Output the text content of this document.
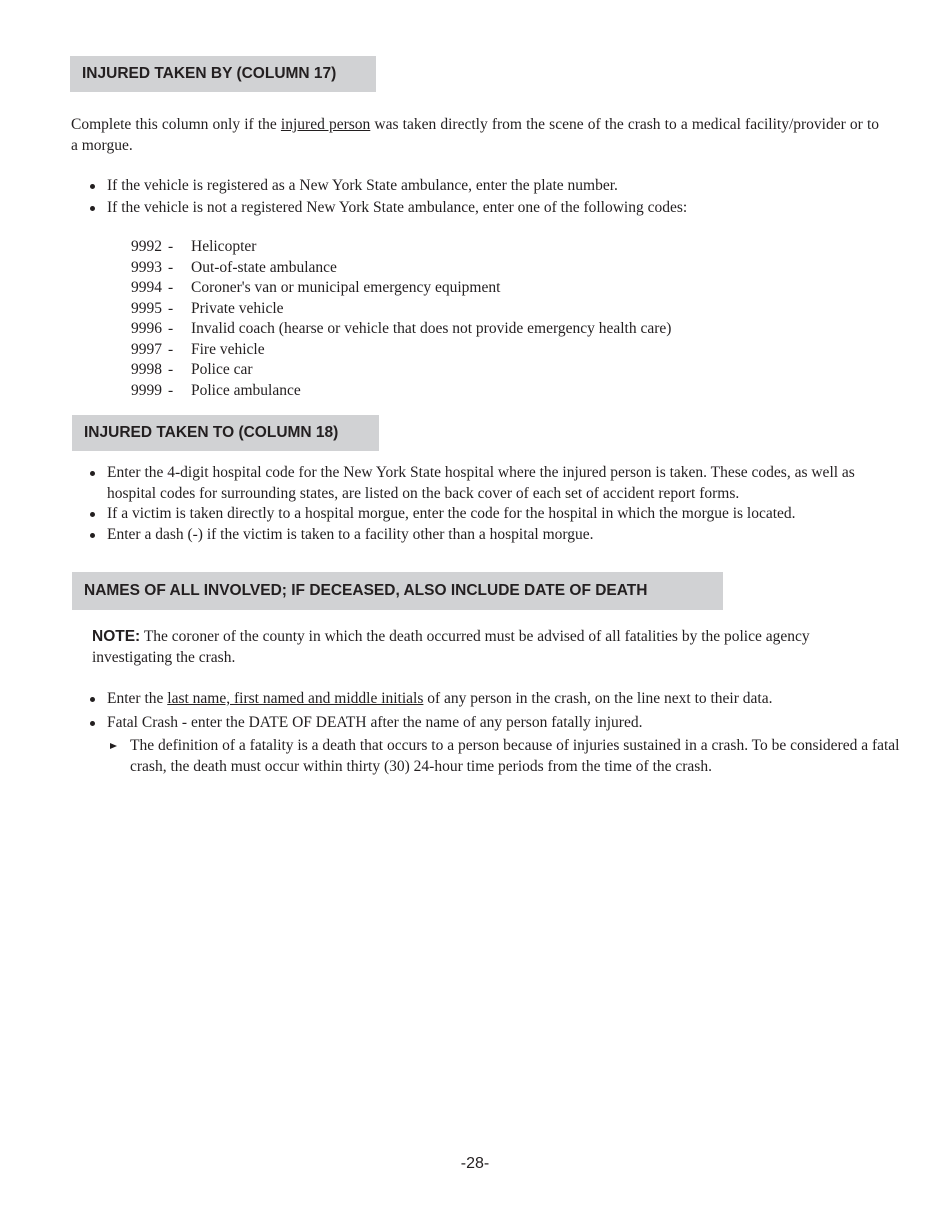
INJURED TAKEN BY (COLUMN 17)

Complete this column only if the injured person was taken directly from the scene of the crash to a medical facility/provider or to a morgue.

If the vehicle is registered as a New York State ambulance, enter the plate number.
If the vehicle is not a registered New York State ambulance, enter one of the following codes:
9992 - Helicopter
9993 - Out-of-state ambulance
9994 - Coroner's van or municipal emergency equipment
9995 - Private vehicle
9996 - Invalid coach (hearse or vehicle that does not provide emergency health care)
9997 - Fire vehicle
9998 - Police car
9999 - Police ambulance
INJURED TAKEN TO (COLUMN 18)
Enter the 4-digit hospital code for the New York State hospital where the injured person is taken. These codes, as well as hospital codes for surrounding states, are listed on the back cover of each set of accident report forms.
If a victim is taken directly to a hospital morgue, enter the code for the hospital in which the morgue is located.
Enter a dash (-) if the victim is taken to a facility other than a hospital morgue.
NAMES OF ALL INVOLVED; IF DECEASED, ALSO INCLUDE DATE OF DEATH

NOTE: The coroner of the county in which the death occurred must be advised of all fatalities by the police agency investigating the crash.

Enter the last name, first named and middle initials of any person in the crash, on the line next to their data.
Fatal Crash - enter the DATE OF DEATH after the name of any person fatally injured.
The definition of a fatality is a death that occurs to a person because of injuries sustained in a crash. To be considered a fatal crash, the death must occur within thirty (30) 24-hour time periods from the time of the crash.
-28-
